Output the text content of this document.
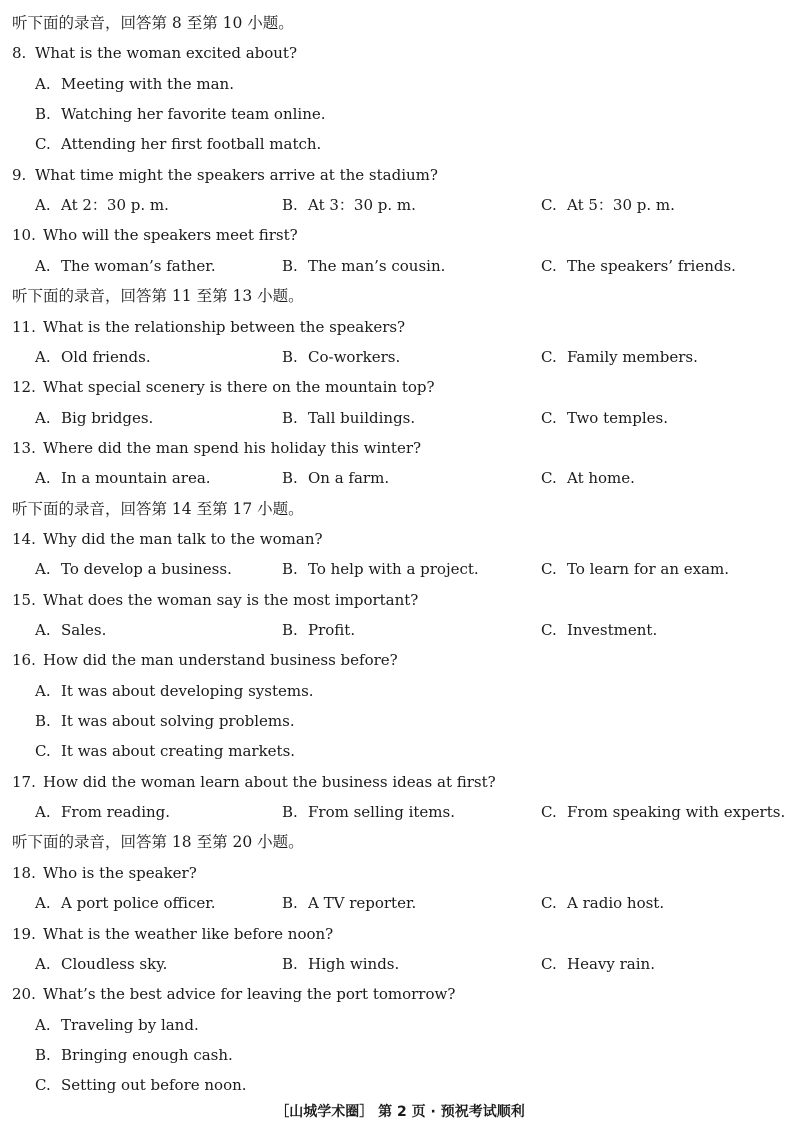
听下面的录音，回答第 8 至第 10 小题。
8. What is the woman excited about?
A. Meeting with the man.
B. Watching her favorite team online.
C. Attending her first football match.
9. What time might the speakers arrive at the stadium?
A. At 2：30 p. m.	B. At 3：30 p. m.	C. At 5：30 p. m.
10. Who will the speakers meet first?
A. The woman’s father.	B. The man’s cousin.	C. The speakers’ friends.
听下面的录音，回答第 11 至第 13 小题。
11. What is the relationship between the speakers?
A. Old friends.	B. Co-workers.	C. Family members.
12. What special scenery is there on the mountain top?
A. Big bridges.	B. Tall buildings.	C. Two temples.
13. Where did the man spend his holiday this winter?
A. In a mountain area.	B. On a farm.	C. At home.
听下面的录音，回答第 14 至第 17 小题。
14. Why did the man talk to the woman?
A. To develop a business.	B. To help with a project.	C. To learn for an exam.
15. What does the woman say is the most important?
A. Sales.	B. Profit.	C. Investment.
16. How did the man understand business before?
A. It was about developing systems.
B. It was about solving problems.
C. It was about creating markets.
17. How did the woman learn about the business ideas at first?
A. From reading.	B. From selling items.	C. From speaking with experts.
听下面的录音，回答第 18 至第 20 小题。
18. Who is the speaker?
A. A port police officer.	B. A TV reporter.	C. A radio host.
19. What is the weather like before noon?
A. Cloudless sky.	B. High winds.	C. Heavy rain.
20. What’s the best advice for leaving the port tomorrow?
A. Traveling by land.
B. Bringing enough cash.
C. Setting out before noon.
［山城学术圈］ 第 2 页 · 预祝考试顺利
